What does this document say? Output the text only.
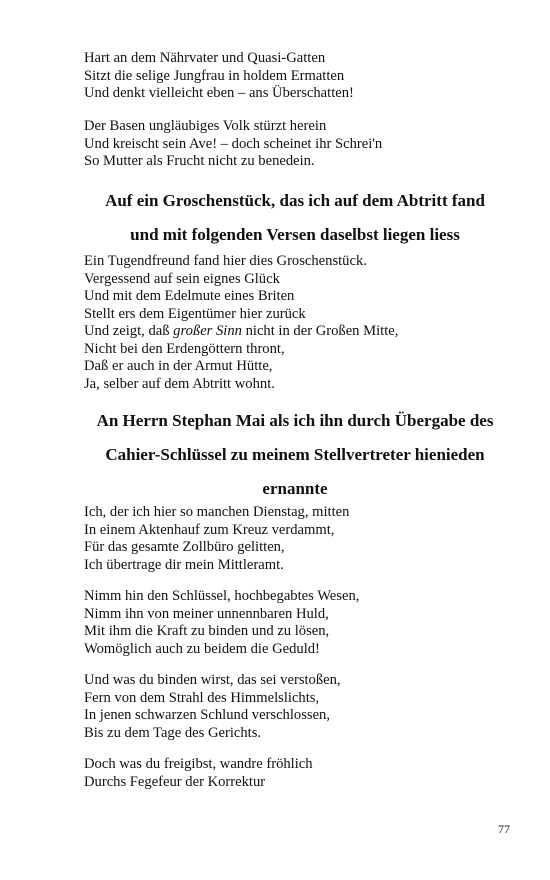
Hart an dem Nährvater und Quasi-Gatten
Sitzt die selige Jungfrau in holdem Ermatten
Und denkt vielleicht eben – ans Überschatten!
Der Basen ungläubiges Volk stürzt herein
Und kreischt sein Ave! – doch scheinet ihr Schrei'n
So Mutter als Frucht nicht zu benedein.
Auf ein Groschenstück, das ich auf dem Abtritt fand
und mit folgenden Versen daselbst liegen liess
Ein Tugendfreund fand hier dies Groschenstück.
Vergessend auf sein eignes Glück
Und mit dem Edelmute eines Briten
Stellt ers dem Eigentümer hier zurück
Und zeigt, daß großer Sinn nicht in der Großen Mitte,
Nicht bei den Erdengöttern thront,
Daß er auch in der Armut Hütte,
Ja, selber auf dem Abtritt wohnt.
An Herrn Stephan Mai als ich ihn durch Übergabe des
Cahier-Schlüssel zu meinem Stellvertreter hienieden
ernannte
Ich, der ich hier so manchen Dienstag, mitten
In einem Aktenhauf zum Kreuz verdammt,
Für das gesamte Zollbüro gelitten,
Ich übertrage dir mein Mittleramt.
Nimm hin den Schlüssel, hochbegabtes Wesen,
Nimm ihn von meiner unnennbaren Huld,
Mit ihm die Kraft zu binden und zu lösen,
Womöglich auch zu beidem die Geduld!
Und was du binden wirst, das sei verstoßen,
Fern von dem Strahl des Himmelslichts,
In jenen schwarzen Schlund verschlossen,
Bis zu dem Tage des Gerichts.
Doch was du freigibst, wandre fröhlich
Durchs Fegefeur der Korrektur
77
